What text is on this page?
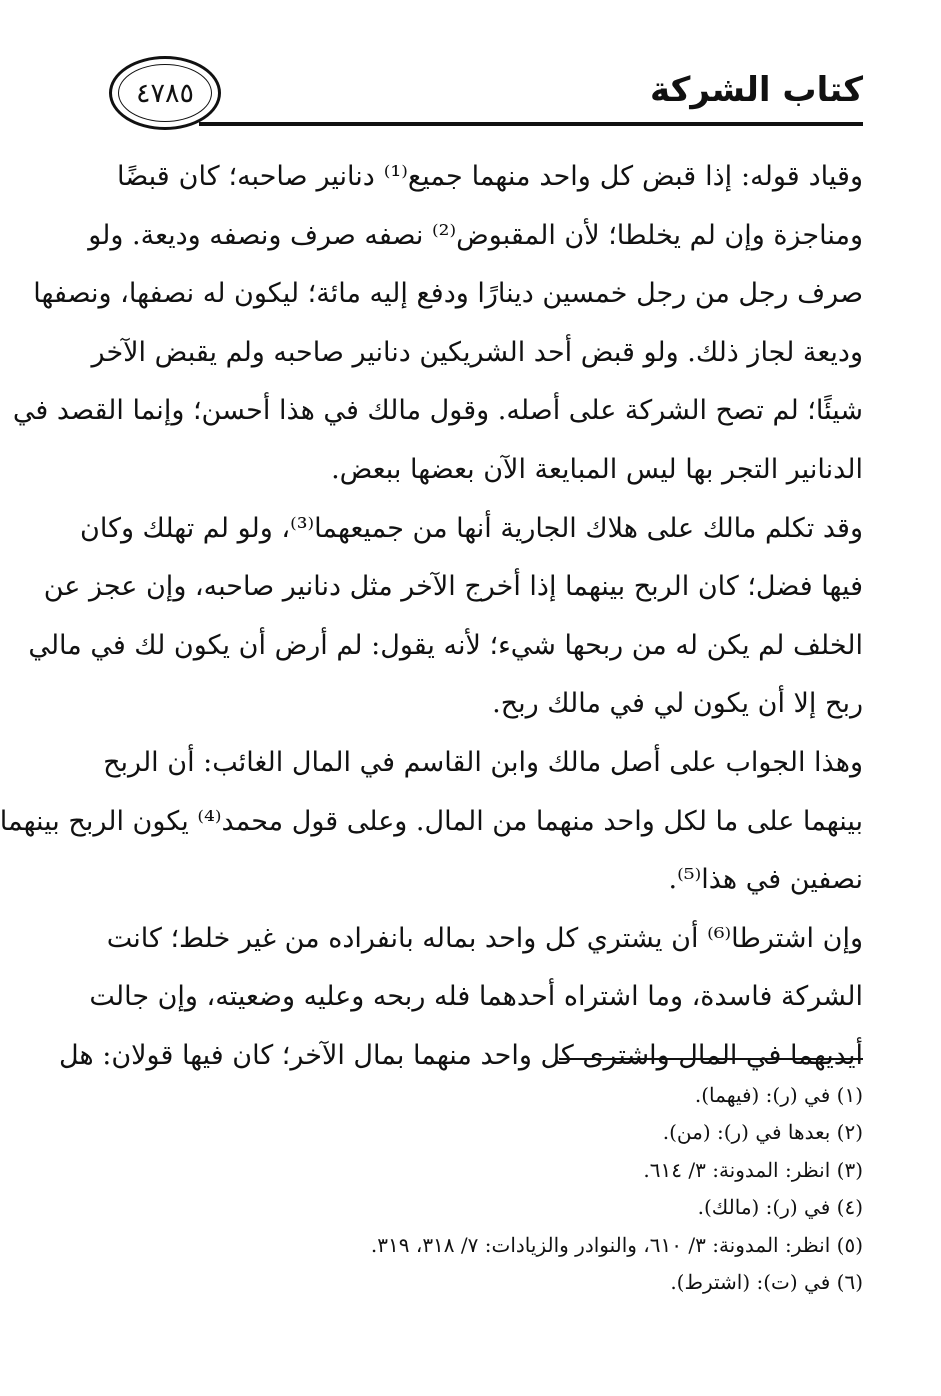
كتاب الشركة
٤٧٨٥
وقياد قوله: إذا قبض كل واحد منهما جميع⁽¹⁾ دنانير صاحبه؛ كان قبضًا
ومناجزة وإن لم يخلطا؛ لأن المقبوض⁽²⁾ نصفه صرف ونصفه وديعة. ولو
صرف رجل من رجل خمسين دينارًا ودفع إليه مائة؛ ليكون له نصفها، ونصفها
وديعة لجاز ذلك. ولو قبض أحد الشريكين دنانير صاحبه ولم يقبض الآخر
شيئًا؛ لم تصح الشركة على أصله. وقول مالك في هذا أحسن؛ وإنما القصد في
الدنانير التجر بها ليس المبايعة الآن بعضها ببعض.
وقد تكلم مالك على هلاك الجارية أنها من جميعهما⁽³⁾، ولو لم تهلك وكان
فيها فضل؛ كان الربح بينهما إذا أخرج الآخر مثل دنانير صاحبه، وإن عجز عن
الخلف لم يكن له من ربحها شيء؛ لأنه يقول: لم أرض أن يكون لك في مالي
ربح إلا أن يكون لي في مالك ربح.
وهذا الجواب على أصل مالك وابن القاسم في المال الغائب: أن الربح
بينهما على ما لكل واحد منهما من المال. وعلى قول محمد⁽⁴⁾ يكون الربح بينهما
نصفين في هذا⁽⁵⁾.
وإن اشترطا⁽⁶⁾ أن يشتري كل واحد بماله بانفراده من غير خلط؛ كانت
الشركة فاسدة، وما اشتراه أحدهما فله ربحه وعليه وضعيته، وإن جالت
أيديهما في المال واشترى كل واحد منهما بمال الآخر؛ كان فيها قولان: هل
(١) في (ر): (فيهما).
(٢) بعدها في (ر): (من).
(٣) انظر: المدونة: ٣/ ٦١٤.
(٤) في (ر): (مالك).
(٥) انظر: المدونة: ٣/ ٦١٠، والنوادر والزيادات: ٧/ ٣١٨، ٣١٩.
(٦) في (ت): (اشترط).
